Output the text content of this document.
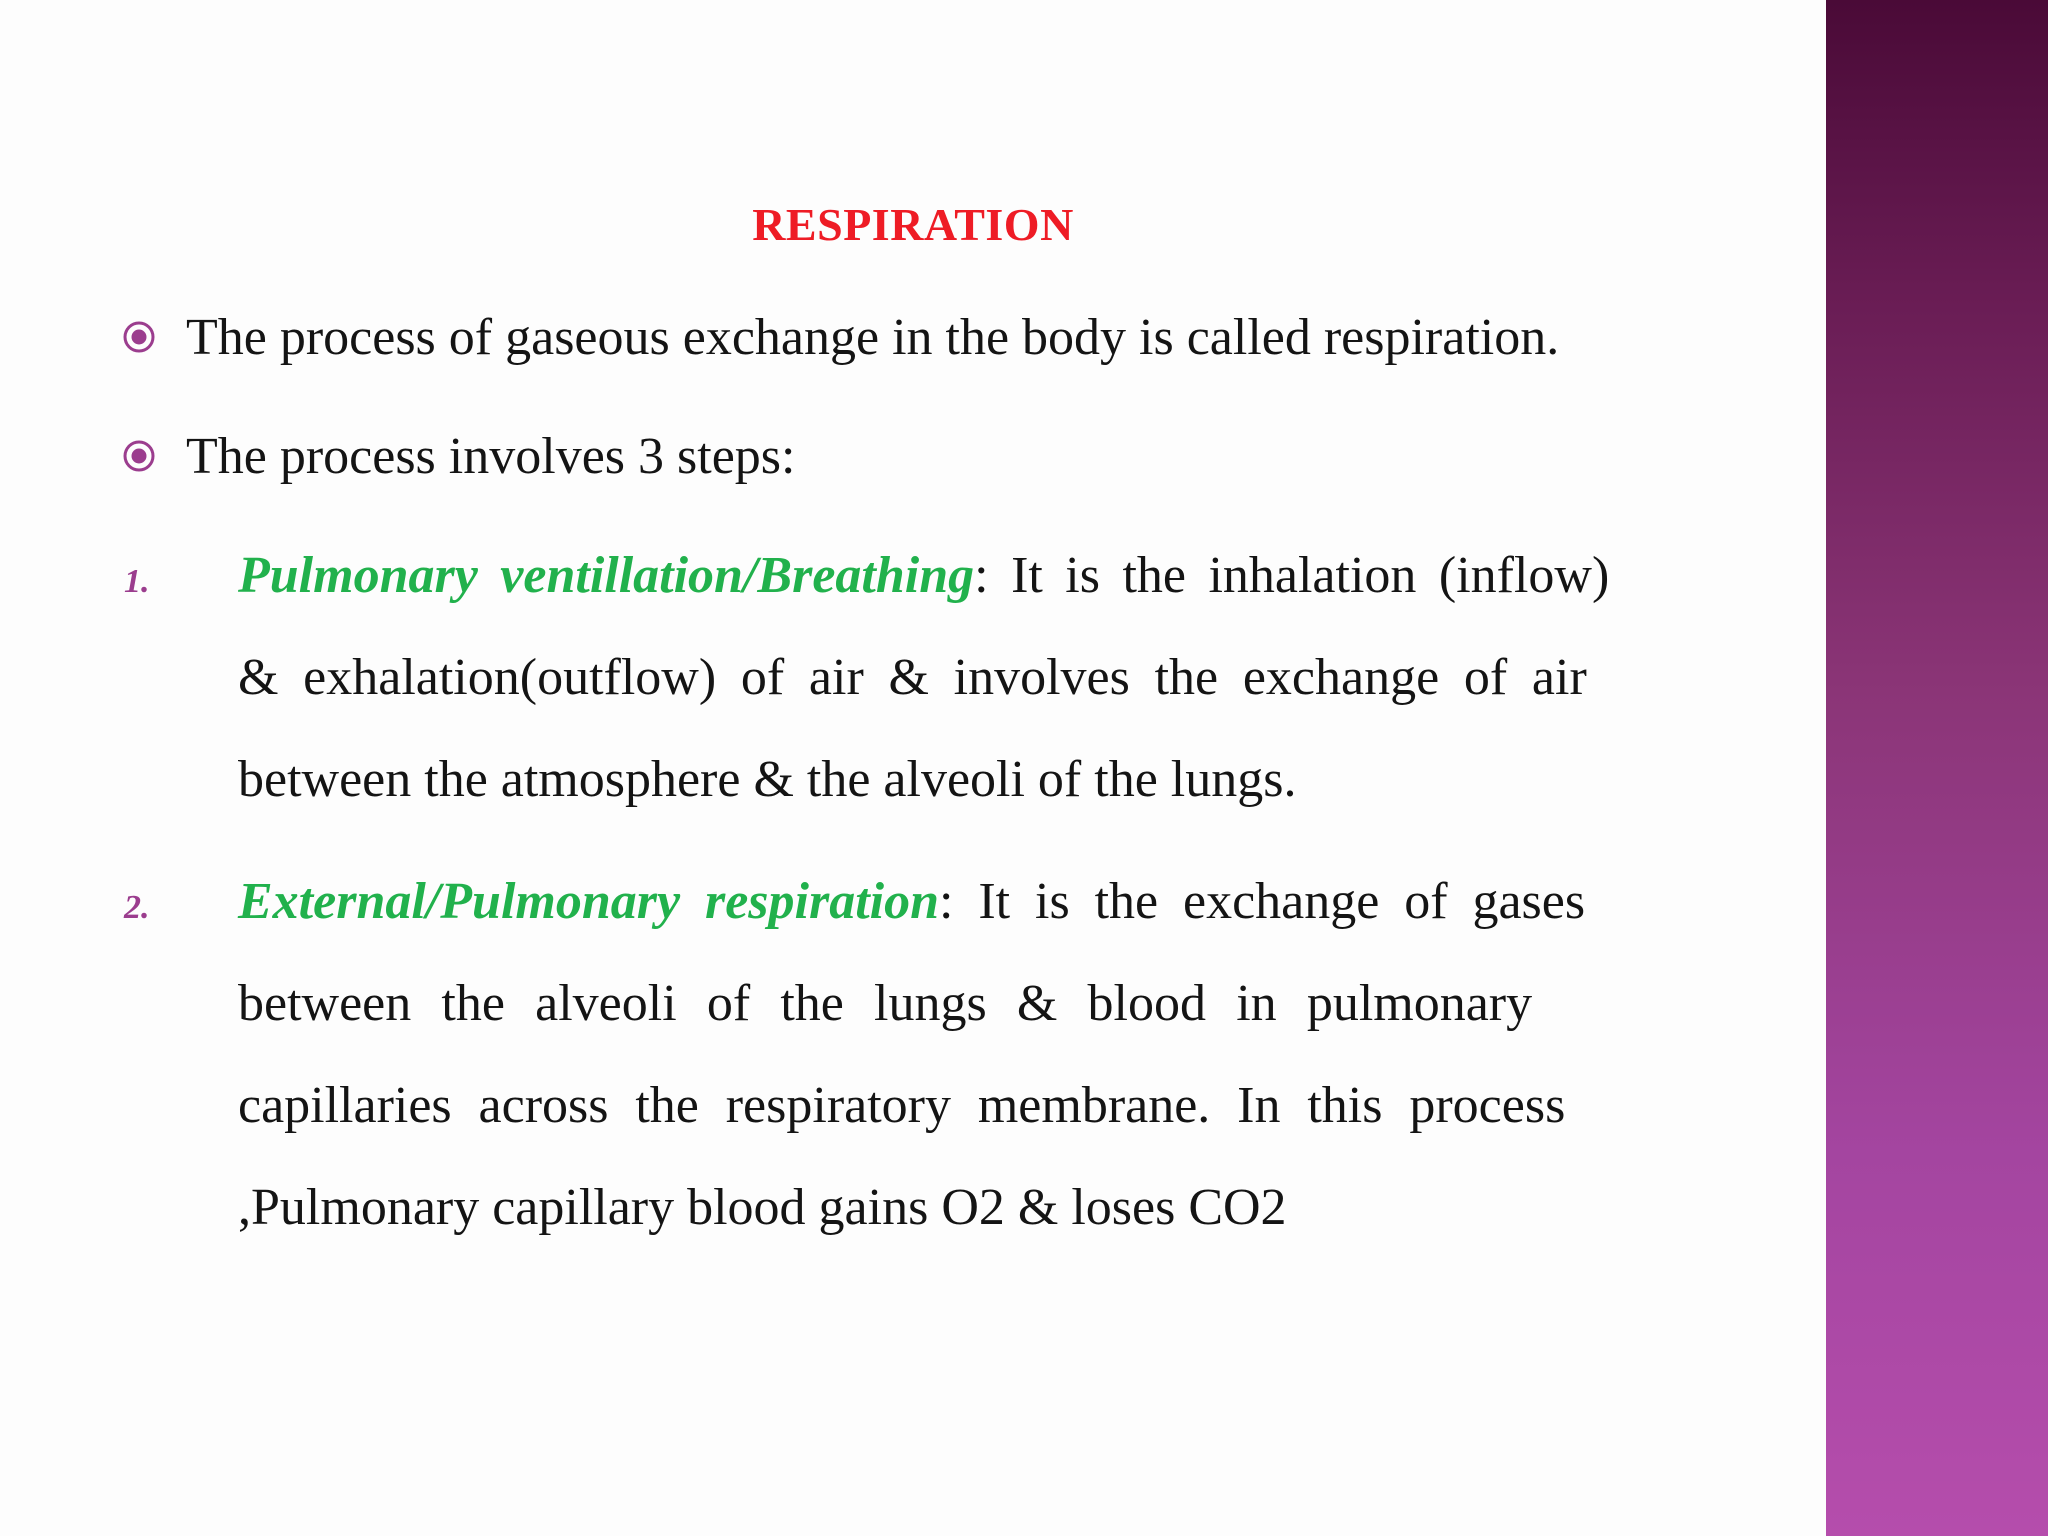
RESPIRATION
The process of gaseous exchange in the body is called respiration.
The process involves 3 steps:
1. Pulmonary ventillation/Breathing: It is the inhalation (inflow)
& exhalation(outflow) of air & involves the exchange of air
between the atmosphere & the alveoli of the lungs.
2. External/Pulmonary respiration: It is the exchange of gases
between the alveoli of the lungs & blood in pulmonary
capillaries across the respiratory membrane. In this process
,Pulmonary capillary blood gains O2 & loses CO2
